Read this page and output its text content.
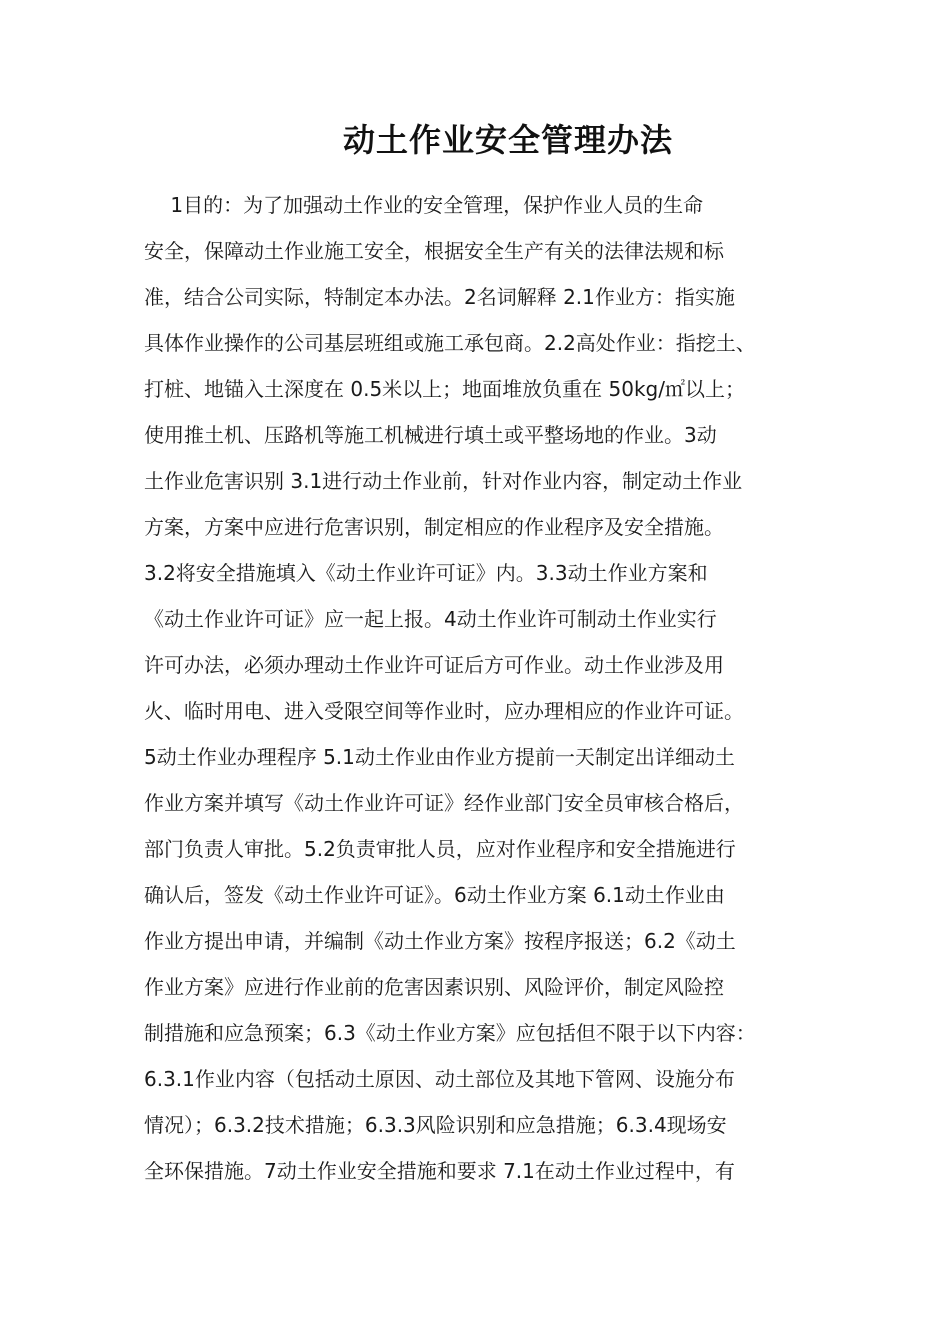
动土作业安全管理办法
　 1目的：为了加强动土作业的安全管理，保护作业人员的生命
安全，保障动土作业施工安全，根据安全生产有关的法律法规和标
准，结合公司实际，特制定本办法。2名词解释 2.1作业方：指实施
具体作业操作的公司基层班组或施工承包商。2.2高处作业：指挖土、
打桩、地锚入土深度在 0.5米以上；地面堆放负重在 50kg/㎡以上；
使用推土机、压路机等施工机械进行填土或平整场地的作业。3动
土作业危害识别 3.1进行动土作业前，针对作业内容，制定动土作业
方案，方案中应进行危害识别，制定相应的作业程序及安全措施。
3.2将安全措施填入《动土作业许可证》内。3.3动土作业方案和
《动土作业许可证》应一起上报。4动土作业许可制动土作业实行
许可办法，必须办理动土作业许可证后方可作业。动土作业涉及用
火、临时用电、进入受限空间等作业时，应办理相应的作业许可证。
5动土作业办理程序 5.1动土作业由作业方提前一天制定出详细动土
作业方案并填写《动土作业许可证》经作业部门安全员审核合格后，
部门负责人审批。5.2负责审批人员，应对作业程序和安全措施进行
确认后，签发《动土作业许可证》。6动土作业方案 6.1动土作业由
作业方提出申请，并编制《动土作业方案》按程序报送；6.2《动土
作业方案》应进行作业前的危害因素识别、风险评价，制定风险控
制措施和应急预案；6.3《动土作业方案》应包括但不限于以下内容：
6.3.1作业内容（包括动土原因、动土部位及其地下管网、设施分布
情况）；6.3.2技术措施；6.3.3风险识别和应急措施；6.3.4现场安
全环保措施。7动土作业安全措施和要求 7.1在动土作业过程中，有
